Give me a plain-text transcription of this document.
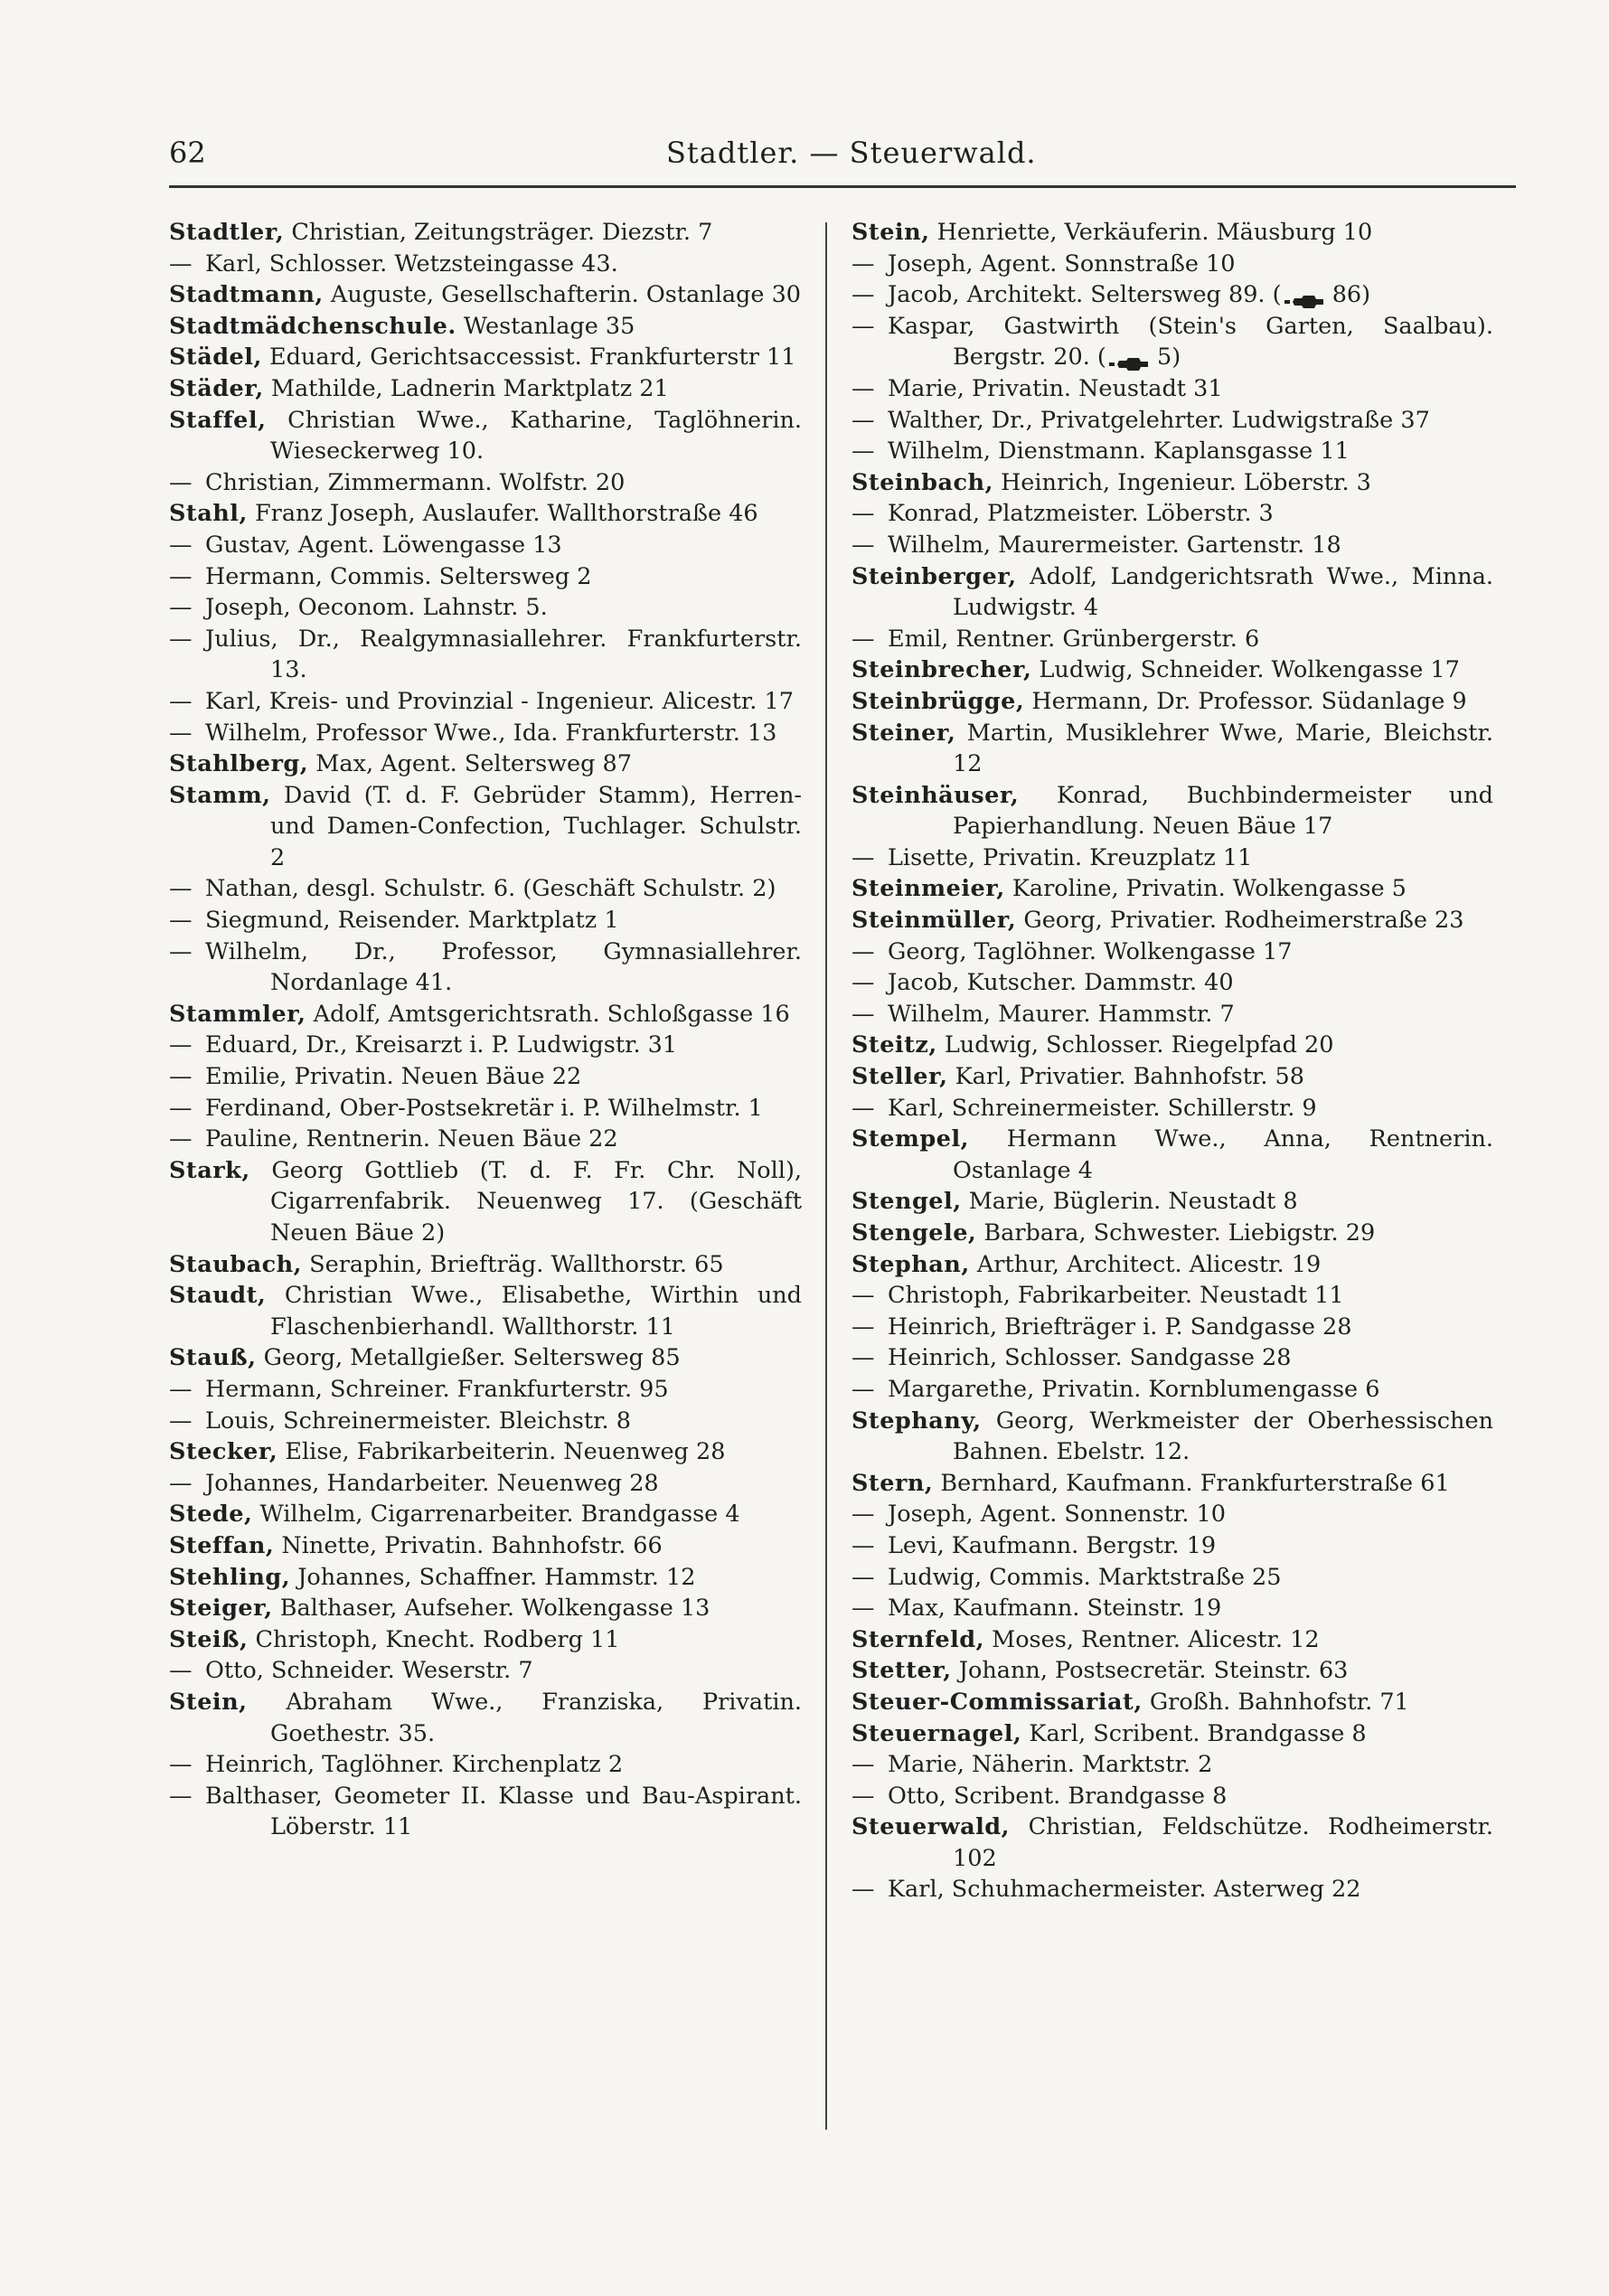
62	Stadtler. — Steuerwald.
Stadtler, Christian, Zeitungsträger. Diezstr. 7
— Karl, Schlosser. Wetzsteingasse 43.
Stadtmann, Auguste, Gesellschafterin. Ostanlage 30
Stadtmädchenschule. Westanlage 35
Städel, Eduard, Gerichtsaccessist. Frankfurterstr 11
Städer, Mathilde, Ladnerin Marktplatz 21
Staffel, Christian Wwe., Katharine, Taglöhnerin. Wieseckerweg 10.
— Christian, Zimmermann. Wolfstr. 20
Stahl, Franz Joseph, Auslaufer. Wallthorstraße 46
— Gustav, Agent. Löwengasse 13
— Hermann, Commis. Seltersweg 2
— Joseph, Oeconom. Lahnstr. 5.
— Julius, Dr., Realgymnasiallehrer. Frankfurterstr. 13.
— Karl, Kreis- und Provinzial - Ingenieur. Alicestr. 17
— Wilhelm, Professor Wwe., Ida. Frankfurterstr. 13
Stahlberg, Max, Agent. Seltersweg 87
Stamm, David (T. d. F. Gebrüder Stamm), Herren- und Damen-Confection, Tuchlager. Schulstr. 2
— Nathan, desgl. Schulstr. 6. (Geschäft Schulstr. 2)
— Siegmund, Reisender. Marktplatz 1
— Wilhelm, Dr., Professor, Gymnasiallehrer. Nordanlage 41.
Stammler, Adolf, Amtsgerichtsrath. Schloßgasse 16
— Eduard, Dr., Kreisarzt i. P. Ludwigstr. 31
— Emilie, Privatin. Neuen Bäue 22
— Ferdinand, Ober-Postsekretär i. P. Wilhelmstr. 1
— Pauline, Rentnerin. Neuen Bäue 22
Stark, Georg Gottlieb (T. d. F. Fr. Chr. Noll), Cigarrenfabrik. Neuenweg 17. (Geschäft Neuen Bäue 2)
Staubach, Seraphin, Briefträg. Wallthorstr. 65
Staudt, Christian Wwe., Elisabethe, Wirthin und Flaschenbierhandl. Wallthorstr. 11
Stauß, Georg, Metallgießer. Seltersweg 85
— Hermann, Schreiner. Frankfurterstr. 95
— Louis, Schreinermeister. Bleichstr. 8
Stecker, Elise, Fabrikarbeiterin. Neuenweg 28
— Johannes, Handarbeiter. Neuenweg 28
Stede, Wilhelm, Cigarrenarbeiter. Brandgasse 4
Steffan, Ninette, Privatin. Bahnhofstr. 66
Stehling, Johannes, Schaffner. Hammstr. 12
Steiger, Balthaser, Aufseher. Wolkengasse 13
Steiß, Christoph, Knecht. Rodberg 11
— Otto, Schneider. Weserstr. 7
Stein, Abraham Wwe., Franziska, Privatin. Goethestr. 35.
— Heinrich, Taglöhner. Kirchenplatz 2
— Balthaser, Geometer II. Klasse und Bau-Aspirant. Löberstr. 11
Stein, Henriette, Verkäuferin. Mäusburg 10
— Joseph, Agent. Sonnstraße 10
— Jacob, Architekt. Seltersweg 89. ( 86)
— Kaspar, Gastwirth (Stein's Garten, Saalbau). Bergstr. 20. ( 5)
— Marie, Privatin. Neustadt 31
— Walther, Dr., Privatgelehrter. Ludwigstraße 37
— Wilhelm, Dienstmann. Kaplansgasse 11
Steinbach, Heinrich, Ingenieur. Löberstr. 3
— Konrad, Platzmeister. Löberstr. 3
— Wilhelm, Maurermeister. Gartenstr. 18
Steinberger, Adolf, Landgerichtsrath Wwe., Minna. Ludwigstr. 4
— Emil, Rentner. Grünbergerstr. 6
Steinbrecher, Ludwig, Schneider. Wolkengasse 17
Steinbrügge, Hermann, Dr. Professor. Südanlage 9
Steiner, Martin, Musiklehrer Wwe, Marie, Bleichstr. 12
Steinhäuser, Konrad, Buchbindermeister und Papierhandlung. Neuen Bäue 17
— Lisette, Privatin. Kreuzplatz 11
Steinmeier, Karoline, Privatin. Wolkengasse 5
Steinmüller, Georg, Privatier. Rodheimerstraße 23
— Georg, Taglöhner. Wolkengasse 17
— Jacob, Kutscher. Dammstr. 40
— Wilhelm, Maurer. Hammstr. 7
Steitz, Ludwig, Schlosser. Riegelpfad 20
Steller, Karl, Privatier. Bahnhofstr. 58
— Karl, Schreinermeister. Schillerstr. 9
Stempel, Hermann Wwe., Anna, Rentnerin. Ostanlage 4
Stengel, Marie, Büglerin. Neustadt 8
Stengele, Barbara, Schwester. Liebigstr. 29
Stephan, Arthur, Architect. Alicestr. 19
— Christoph, Fabrikarbeiter. Neustadt 11
— Heinrich, Briefträger i. P. Sandgasse 28
— Heinrich, Schlosser. Sandgasse 28
— Margarethe, Privatin. Kornblumengasse 6
Stephany, Georg, Werkmeister der Oberhessischen Bahnen. Ebelstr. 12.
Stern, Bernhard, Kaufmann. Frankfurterstraße 61
— Joseph, Agent. Sonnenstr. 10
— Levi, Kaufmann. Bergstr. 19
— Ludwig, Commis. Marktstraße 25
— Max, Kaufmann. Steinstr. 19
Sternfeld, Moses, Rentner. Alicestr. 12
Stetter, Johann, Postsecretär. Steinstr. 63
Steuer-Commissariat, Großh. Bahnhofstr. 71
Steuernagel, Karl, Scribent. Brandgasse 8
— Marie, Näherin. Marktstr. 2
— Otto, Scribent. Brandgasse 8
Steuerwald, Christian, Feldschütze. Rodheimerstr. 102
— Karl, Schuhmachermeister. Asterweg 22
